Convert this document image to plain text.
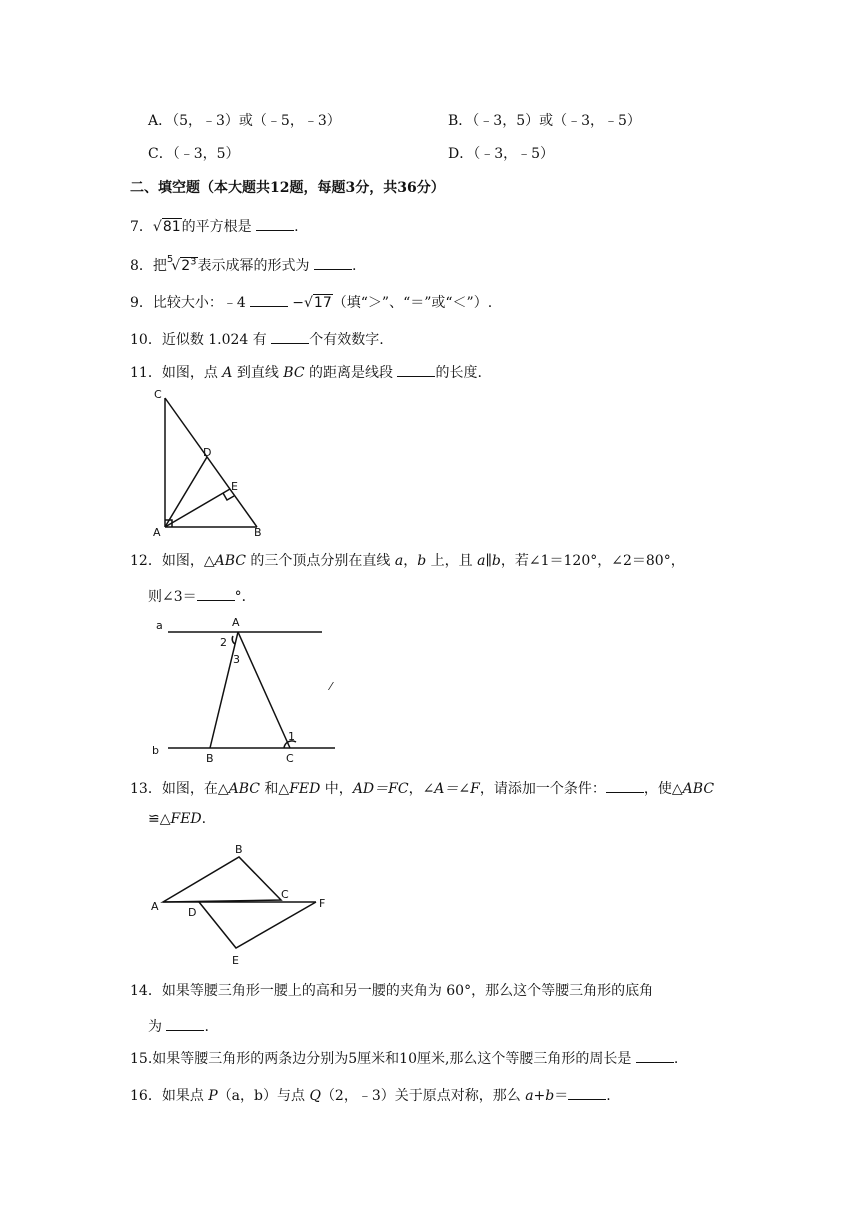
A．（5，﹣3）或（﹣5，﹣3）	B．（﹣3，5）或（﹣3，﹣5）
C．（﹣3，5）	D．（﹣3，﹣5）
二、填空题（本大题共12题，每题3分，共36分）
7．√81的平方根是	.
8．把$^5√2^3$表示成幂的形式为	.
9．比较大小：﹣4	−√17（填“＞”、“＝”或“＜”）.
10．近似数 1.024 有	个有效数字.
11．如图，点 A 到直线 BC 的距离是线段	的长度.
C
D
E
A	B
12．如图，△ABC 的三个顶点分别在直线 a，b 上，且 a∥b，若∠1＝120°，∠2＝80°，
则∠3＝	°．
a
b
A
B	C
1
2
3
⁄
13．如图，在△ABC 和△FED 中，AD＝FC，∠A＝∠F，请添加一个条件：	，使△ABC
≌△FED.
A
B
C
D
E
F
14．如果等腰三角形一腰上的高和另一腰的夹角为 60°，那么这个等腰三角形的底角
为	.
15.如果等腰三角形的两条边分别为5厘米和10厘米,那么这个等腰三角形的周长是	.
16．如果点 P（a，b）与点 Q（2，﹣3）关于原点对称，那么 a+b＝	.
